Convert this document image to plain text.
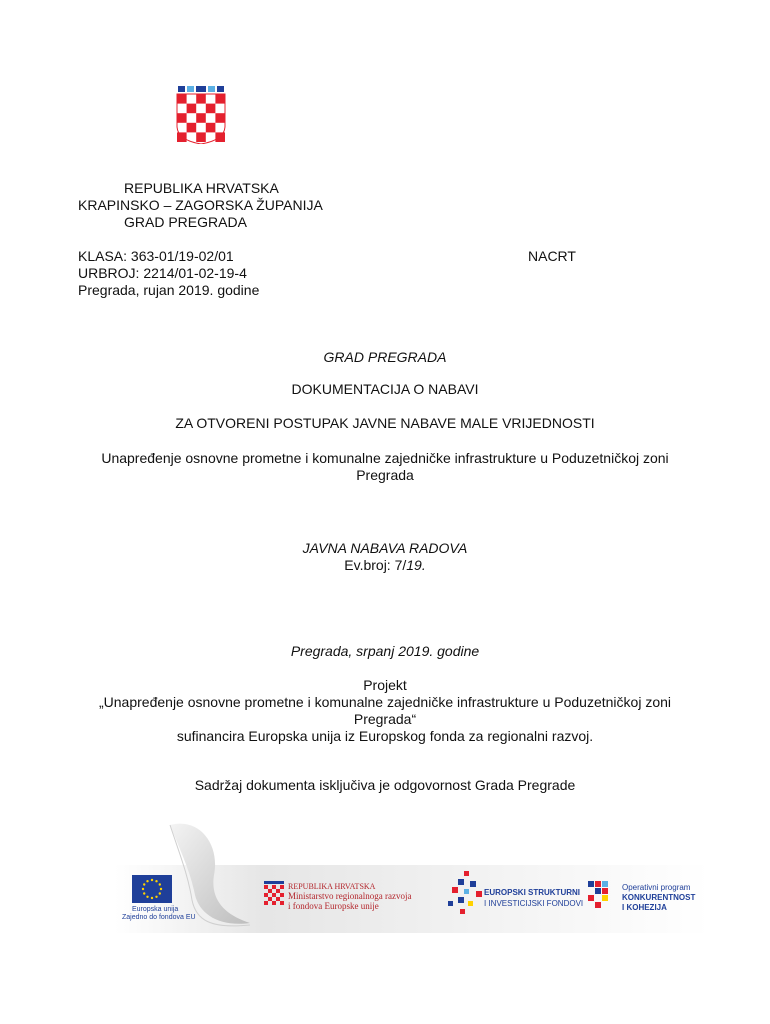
REPUBLIKA HRVATSKA
KRAPINSKO – ZAGORSKA ŽUPANIJA
GRAD PREGRADA
KLASA: 363-01/19-02/01	NACRT
URBROJ: 2214/01-02-19-4
Pregrada, rujan 2019. godine
GRAD PREGRADA
DOKUMENTACIJA O NABAVI
ZA OTVORENI POSTUPAK JAVNE NABAVE MALE VRIJEDNOSTI
Unapređenje osnovne prometne i komunalne zajedničke infrastrukture u Poduzetničkoj zoni
Pregrada
JAVNA NABAVA RADOVA
Ev.broj: 7/19.
Pregrada, srpanj 2019. godine
Projekt
„Unapređenje osnovne prometne i komunalne zajedničke infrastrukture u Poduzetničkoj zoni
Pregrada“
sufinancira Europska unija iz Europskog fonda za regionalni razvoj.
Sadržaj dokumenta isključiva je odgovornost Grada Pregrade
Europska unija
Zajedno do fondova EU
REPUBLIKA HRVATSKA
Ministarstvo regionalnoga razvoja
i fondova Europske unije
EUROPSKI STRUKTURNI
I INVESTICIJSKI FONDOVI
Operativni program
KONKURENTNOST
I KOHEZIJA
